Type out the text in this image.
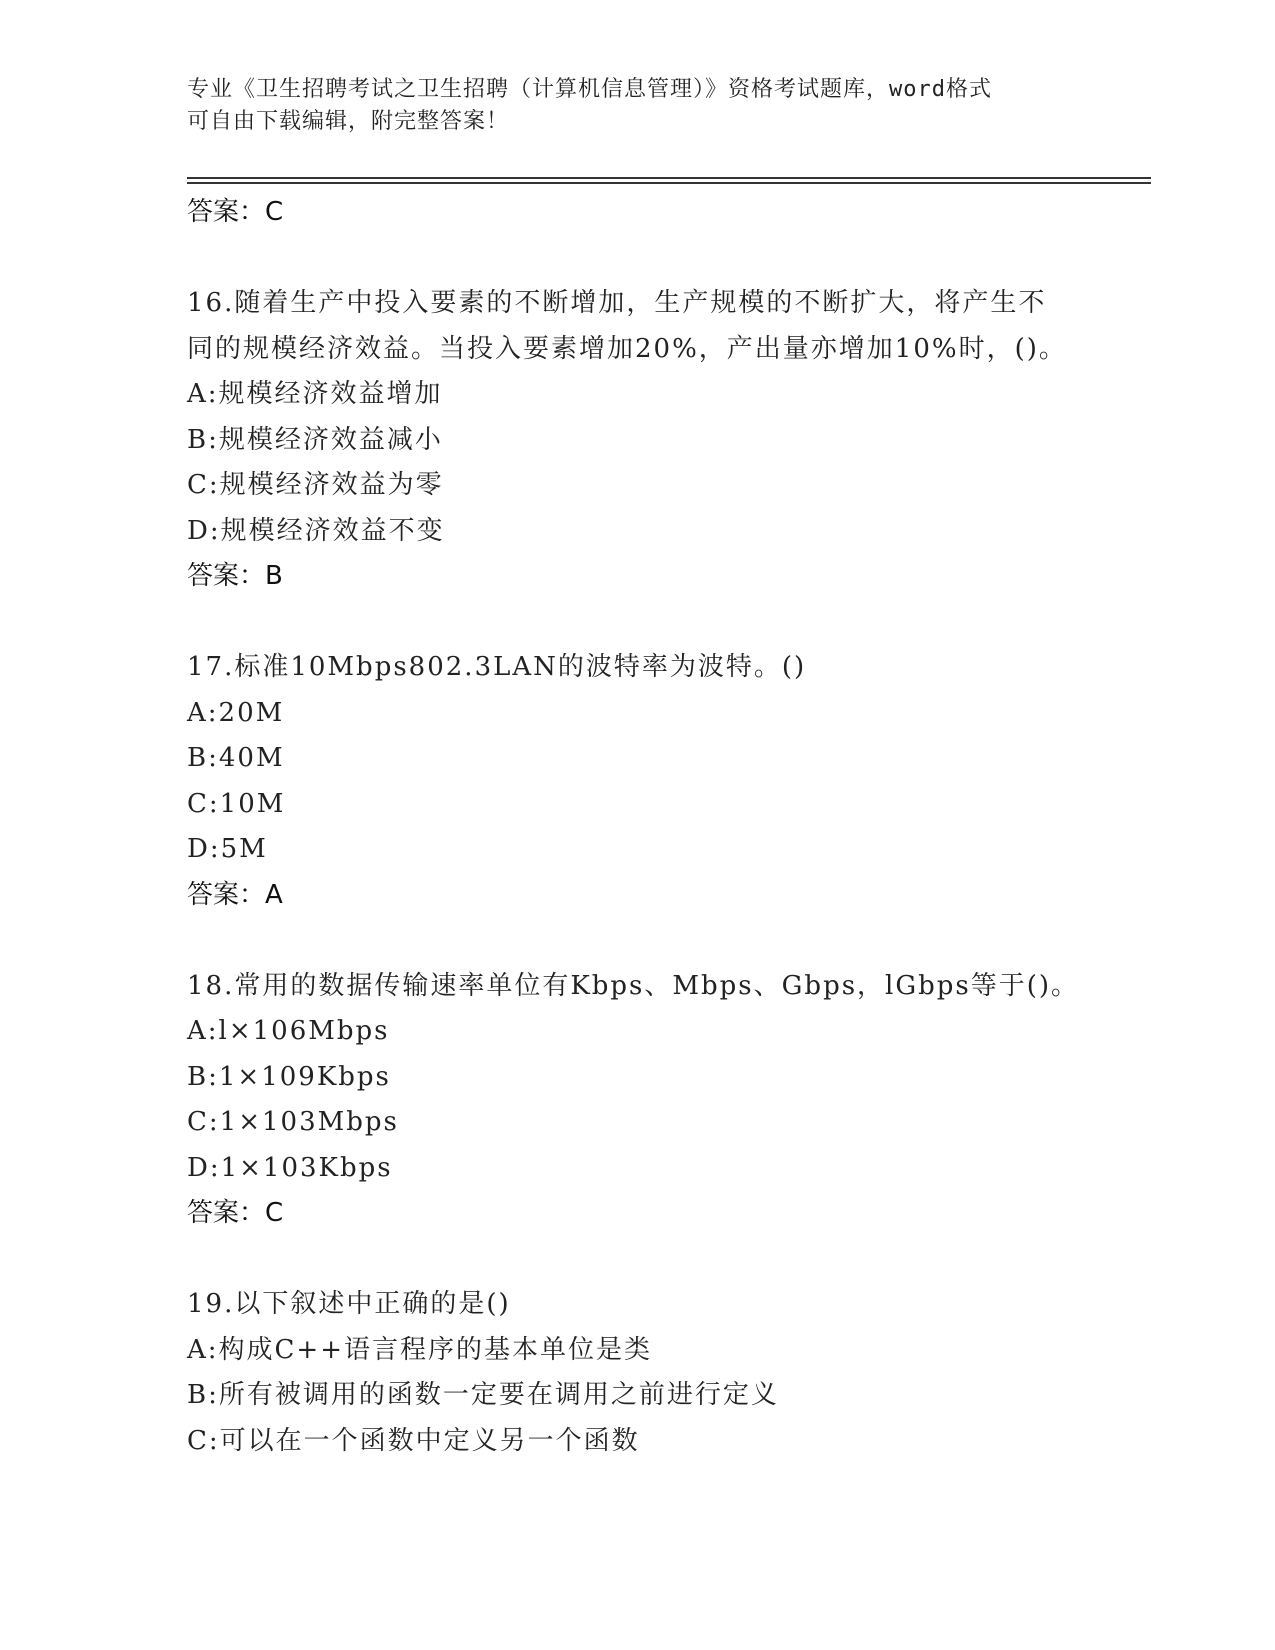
专业《卫生招聘考试之卫生招聘（计算机信息管理）》资格考试题库，word格式
可自由下载编辑，附完整答案！
答案：C
16.随着生产中投入要素的不断增加，生产规模的不断扩大，将产生不
同的规模经济效益。当投入要素增加20%，产出量亦增加10%时，()。
A:规模经济效益增加
B:规模经济效益减小
C:规模经济效益为零
D:规模经济效益不变
答案：B
17.标准10Mbps802.3LAN的波特率为波特。()
A:20M
B:40M
C:10M
D:5M
答案：A
18.常用的数据传输速率单位有Kbps、Mbps、Gbps，lGbps等于()。
A:l×106Mbps
B:1×109Kbps
C:1×103Mbps
D:1×103Kbps
答案：C
19.以下叙述中正确的是()
A:构成C++语言程序的基本单位是类
B:所有被调用的函数一定要在调用之前进行定义
C:可以在一个函数中定义另一个函数
